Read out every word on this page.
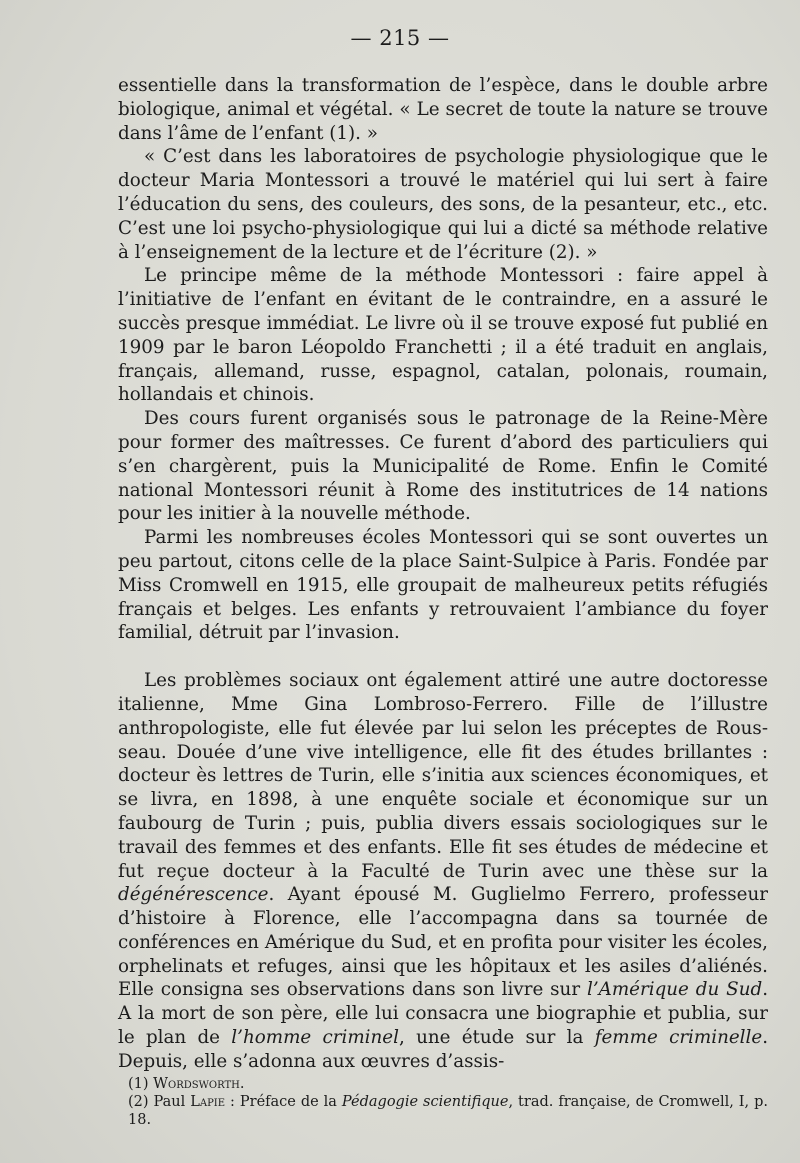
— 215 —

essentielle dans la transformation de l’espèce, dans le double arbre biologique, animal et végétal. « Le secret de toute la nature se trouve dans l’âme de l’enfant (1). »

« C’est dans les laboratoires de psychologie physiologique que le docteur Maria Montessori a trouvé le matériel qui lui sert à faire l’éducation du sens, des couleurs, des sons, de la pesanteur, etc., etc. C’est une loi psycho-physiologique qui lui a dicté sa méthode relative à l’enseignement de la lecture et de l’écriture (2). »

Le principe même de la méthode Montessori : faire appel à l’initiative de l’enfant en évitant de le contraindre, en a assuré le succès presque immédiat. Le livre où il se trouve exposé fut publié en 1909 par le baron Léopoldo Franchetti ; il a été traduit en anglais, français, allemand, russe, espagnol, catalan, polonais, roumain, hollandais et chinois.

Des cours furent organisés sous le patronage de la Reine-Mère pour former des maîtresses. Ce furent d’abord des particuliers qui s’en chargèrent, puis la Municipalité de Rome. Enfin le Comité national Montessori réunit à Rome des institutrices de 14 nations pour les initier à la nouvelle méthode.

Parmi les nombreuses écoles Montessori qui se sont ouvertes un peu partout, citons celle de la place Saint-Sulpice à Paris. Fondée par Miss Cromwell en 1915, elle groupait de malheureux petits réfugiés français et belges. Les enfants y retrouvaient l’ambiance du foyer familial, détruit par l’invasion.

Les problèmes sociaux ont également attiré une autre doctoresse italienne, Mme Gina Lombroso-Ferrero. Fille de l’illustre anthropologiste, elle fut élevée par lui selon les préceptes de Rousseau. Douée d’une vive intelligence, elle fit des études brillantes : docteur ès lettres de Turin, elle s’initia aux sciences économiques, et se livra, en 1898, à une enquête sociale et économique sur un faubourg de Turin ; puis, publia divers essais sociologiques sur le travail des femmes et des enfants. Elle fit ses études de médecine et fut reçue docteur à la Faculté de Turin avec une thèse sur la dégénérescence. Ayant épousé M. Guglielmo Ferrero, professeur d’histoire à Florence, elle l’accompagna dans sa tournée de conférences en Amérique du Sud, et en profita pour visiter les écoles, orphelinats et refuges, ainsi que les hôpitaux et les asiles d’aliénés. Elle consigna ses observations dans son livre sur l’Amérique du Sud. A la mort de son père, elle lui consacra une biographie et publia, sur le plan de l’homme criminel, une étude sur la femme criminelle. Depuis, elle s’adonna aux œuvres d’assis-

(1) Wordsworth.

(2) Paul Lapie : Préface de la Pédagogie scientifique, trad. française, de Cromwell, I, p. 18.
